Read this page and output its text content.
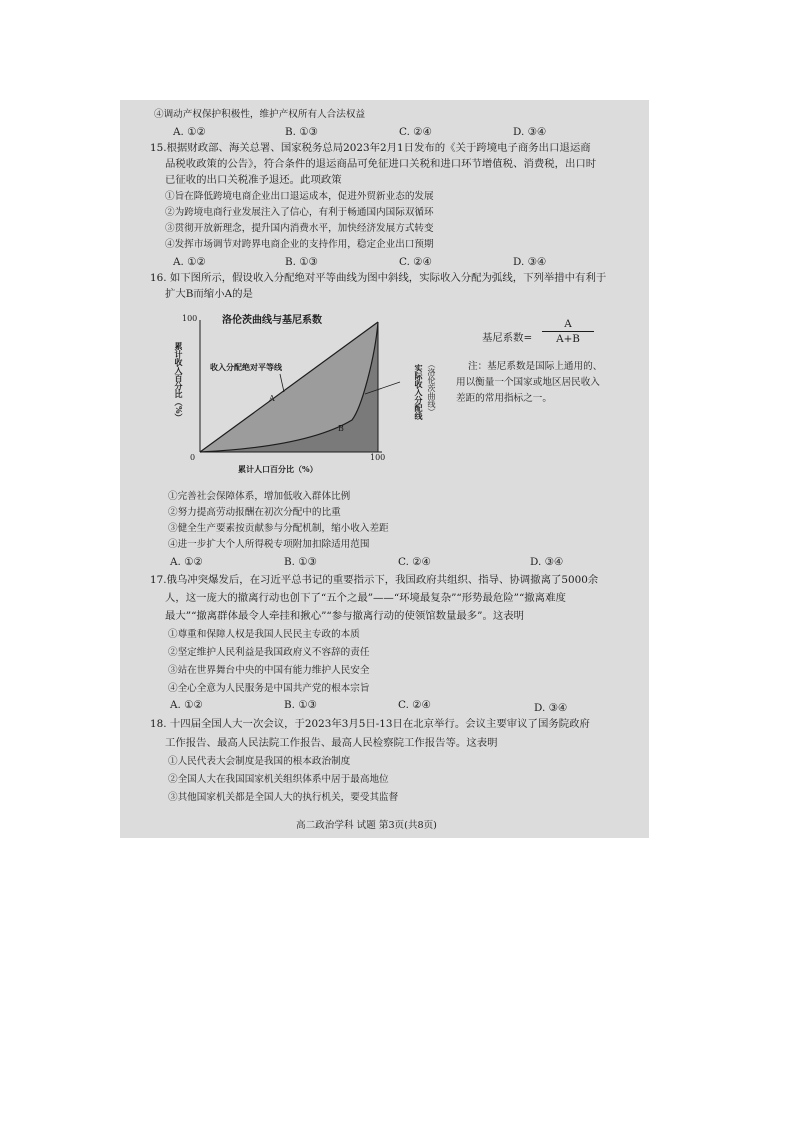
④调动产权保护积极性，维护产权所有人合法权益
A. ①②	B. ①③	C. ②④	D. ③④
15.根据财政部、海关总署、国家税务总局2023年2月1日发布的《关于跨境电子商务出口退运商
品税收政策的公告》，符合条件的退运商品可免征进口关税和进口环节增值税、消费税，出口时
已征收的出口关税准予退还。此项政策
①旨在降低跨境电商企业出口退运成本，促进外贸新业态的发展
②为跨境电商行业发展注入了信心，有利于畅通国内国际双循环
③贯彻开放新理念，提升国内消费水平，加快经济发展方式转变
④发挥市场调节对跨界电商企业的支持作用，稳定企业出口预期
A. ①②	B. ①③	C. ②④	D. ③④
16. 如下图所示，假设收入分配绝对平等曲线为图中斜线，实际收入分配为弧线，下列举措中有利于
扩大B而缩小A的是
100
0	100
洛伦茨曲线与基尼系数
累计收入百分比（%）
累计人口百分比（%）
收入分配绝对平等线
A
B
实际收入分配线 （洛伦茨曲线）
基尼系数=
A
A+B
注：基尼系数是国际上通用的、
用以衡量一个国家或地区居民收入
差距的常用指标之一。
①完善社会保障体系，增加低收入群体比例
②努力提高劳动报酬在初次分配中的比重
③健全生产要素按贡献参与分配机制，缩小收入差距
④进一步扩大个人所得税专项附加扣除适用范围
A. ①②	B. ①③	C. ②④	D. ③④
17.俄乌冲突爆发后，在习近平总书记的重要指示下，我国政府共组织、指导、协调撤离了5000余
人，这一庞大的撤离行动也创下了“五个之最”——“环境最复杂”“形势最危险”“撤离难度
最大”“撤离群体最令人牵挂和揪心”“参与撤离行动的使领馆数量最多”。这表明
①尊重和保障人权是我国人民民主专政的本质
②坚定维护人民利益是我国政府义不容辞的责任
③站在世界舞台中央的中国有能力维护人民安全
④全心全意为人民服务是中国共产党的根本宗旨
A. ①②	B. ①③	C. ②④	D. ③④
18. 十四届全国人大一次会议，于2023年3月5日-13日在北京举行。会议主要审议了国务院政府
工作报告、最高人民法院工作报告、最高人民检察院工作报告等。这表明
①人民代表大会制度是我国的根本政治制度
②全国人大在我国国家机关组织体系中居于最高地位
③其他国家机关都是全国人大的执行机关，要受其监督
高二政治学科 试题 第3页(共8页)
